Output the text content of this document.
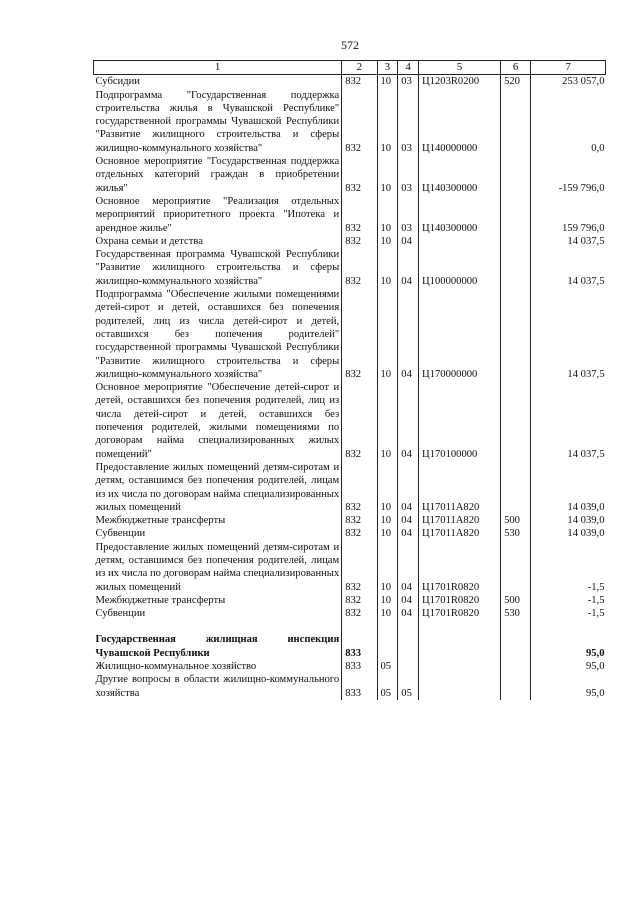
572
1	2	3	4	5	6	7
Субсидии	832	10	03	Ц1203R0200	520	253 057,0
Подпрограмма "Государственная поддержка строительства жилья в Чувашской Республике" государственной программы Чувашской Республики "Развитие жилищного строительства и сферы жилищно-коммунального хозяйства"	832	10	03	Ц140000000		0,0
Основное мероприятие "Государственная поддержка отдельных категорий граждан в приобретении жилья"	832	10	03	Ц140300000		-159 796,0
Основное мероприятие "Реализация отдельных мероприятий приоритетного проекта "Ипотека и арендное жилье"	832	10	03	Ц140300000		159 796,0
Охрана семьи и детства	832	10	04			14 037,5
Государственная программа Чувашской Республики "Развитие жилищного строительства и сферы жилищно-коммунального хозяйства"	832	10	04	Ц100000000		14 037,5
Подпрограмма "Обеспечение жилыми помещениями детей-сирот и детей, оставшихся без попечения родителей, лиц из числа детей-сирот и детей, оставшихся без попечения родителей" государственной программы Чувашской Республики "Развитие жилищного строительства и сферы жилищно-коммунального хозяйства"	832	10	04	Ц170000000		14 037,5
Основное мероприятие "Обеспечение детей-сирот и детей, оставшихся без попечения родителей, лиц из числа детей-сирот и детей, оставшихся без попечения родителей, жилыми помещениями по договорам найма специализированных жилых помещений"	832	10	04	Ц170100000		14 037,5
Предоставление жилых помещений детям-сиротам и детям, оставшимся без попечения родителей, лицам из их числа по договорам найма специализированных жилых помещений	832	10	04	Ц17011А820		14 039,0
Межбюджетные трансферты	832	10	04	Ц17011А820	500	14 039,0
Субвенции	832	10	04	Ц17011А820	530	14 039,0
Предоставление жилых помещений детям-сиротам и детям, оставшимся без попечения родителей, лицам из их числа по договорам найма специализированных жилых помещений	832	10	04	Ц1701R0820		-1,5
Межбюджетные трансферты	832	10	04	Ц1701R0820	500	-1,5
Субвенции	832	10	04	Ц1701R0820	530	-1,5

Государственная жилищная инспекция Чувашской Республики	833					95,0
Жилищно-коммунальное хозяйство	833	05				95,0
Другие вопросы в области жилищно-коммунального хозяйства	833	05	05			95,0
